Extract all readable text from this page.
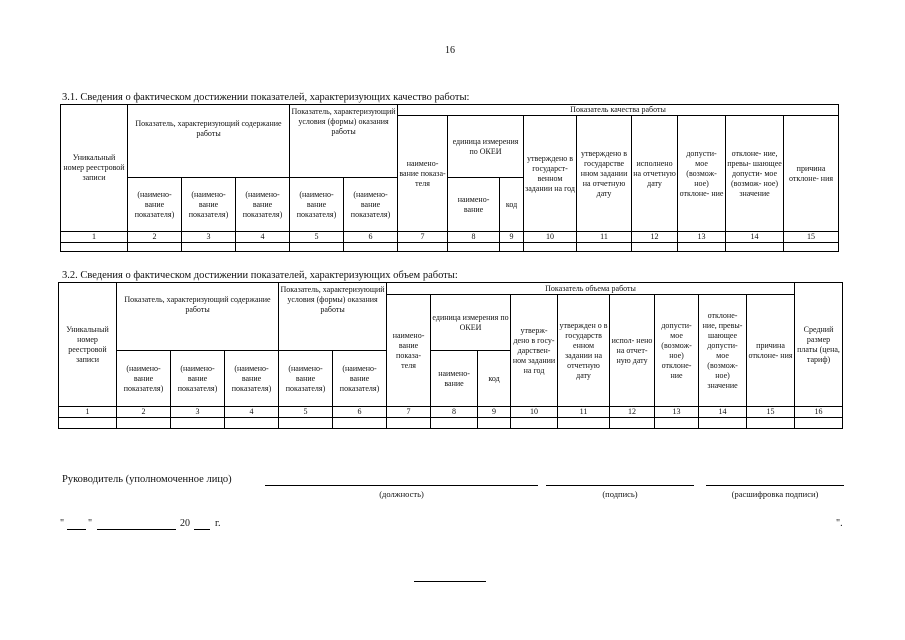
16
3.1. Сведения о фактическом достижении показателей, характеризующих качество работы:
Уникальный номер реестровой записи	Показатель, характеризующий содержание работы			Показатель, характеризующий условия (формы) оказания работы		Показатель качества работы								
						наимено- вание показа- теля	единица измерения по ОКЕИ		утверждено в государст- венном задании на год	утверждено в государстве нном задании на отчетную дату	исполнено на отчетную дату	допусти- мое (возмож- ное) отклоне- ние	отклоне- ние, превы- шающее допусти- мое (возмож- ное) значение	причина отклоне- ния
	(наимено- вание показателя)	(наимено- вание показателя)	(наимено- вание показателя)	(наимено- вание показателя)	(наимено- вание показателя)		наимено- вание	код						
1	2	3	4	5	6	7	8	9	10	11	12	13	14	15

3.2. Сведения о фактическом достижении показателей, характеризующих объем работы:
Уникальный номер реестровой записи	Показатель, характеризующий содержание работы			Показатель, характеризующий условия (формы) оказания работы		Показатель объема работы									Средний размер платы (цена, тариф)
						наимено- вание показа- теля	единица измерения по ОКЕИ		утверж- дено в госу- дарствен- ном задании на год	утвержден о в государств енном задании на отчетную дату	испол- нено на отчет-ную дату	допусти- мое (возмож- ное) отклоне- ние	отклоне- ние, превы- шающее допусти- мое (возмож- ное) значение	причина отклоне- ния	
	(наимено- вание показателя)	(наимено- вание показателя)	(наимено- вание показателя)	(наимено- вание показателя)	(наимено- вание показателя)		наимено- вание	код							
1	2	3	4	5	6	7	8	9	10	11	12	13	14	15	16

Руководитель (уполномоченное лицо)
(должность)	(подпись)	(расшифровка подписи)
" "	20	г.	".
